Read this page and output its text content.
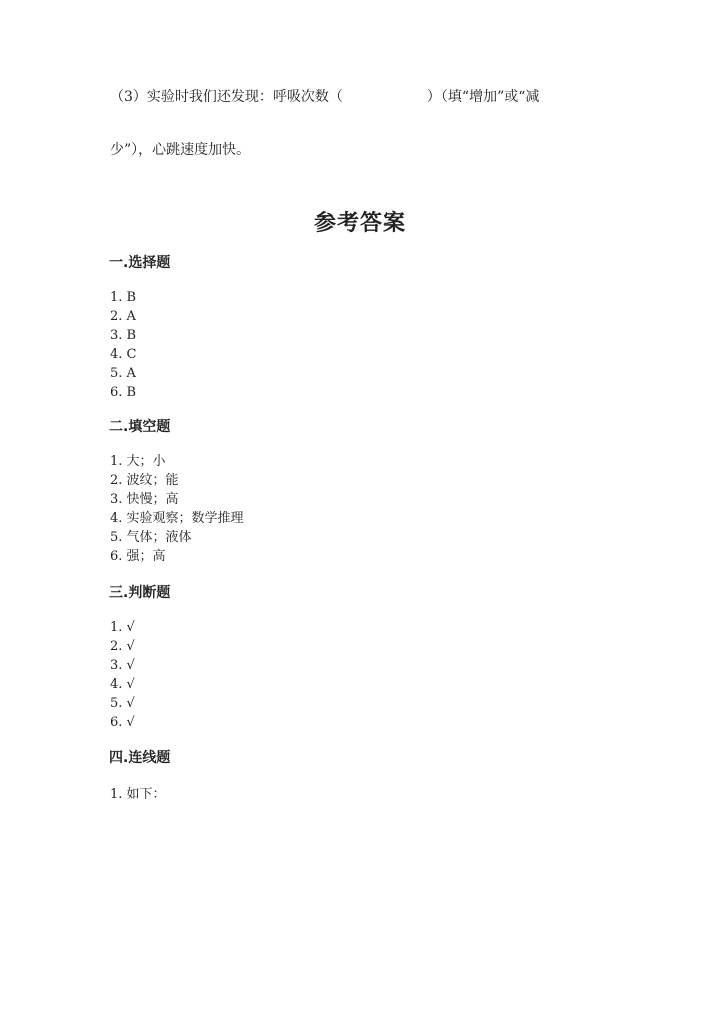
（3）实验时我们还发现：呼吸次数（　　　　　　）（填“增加”或“减
少”），心跳速度加快。
参考答案
一.选择题
1. B
2. A
3. B
4. C
5. A
6. B
二.填空题
1. 大；小
2. 波纹；能
3. 快慢；高
4. 实验观察；数学推理
5. 气体；液体
6. 强；高
三.判断题
1. √
2. √
3. √
4. √
5. √
6. √
四.连线题
1. 如下：
